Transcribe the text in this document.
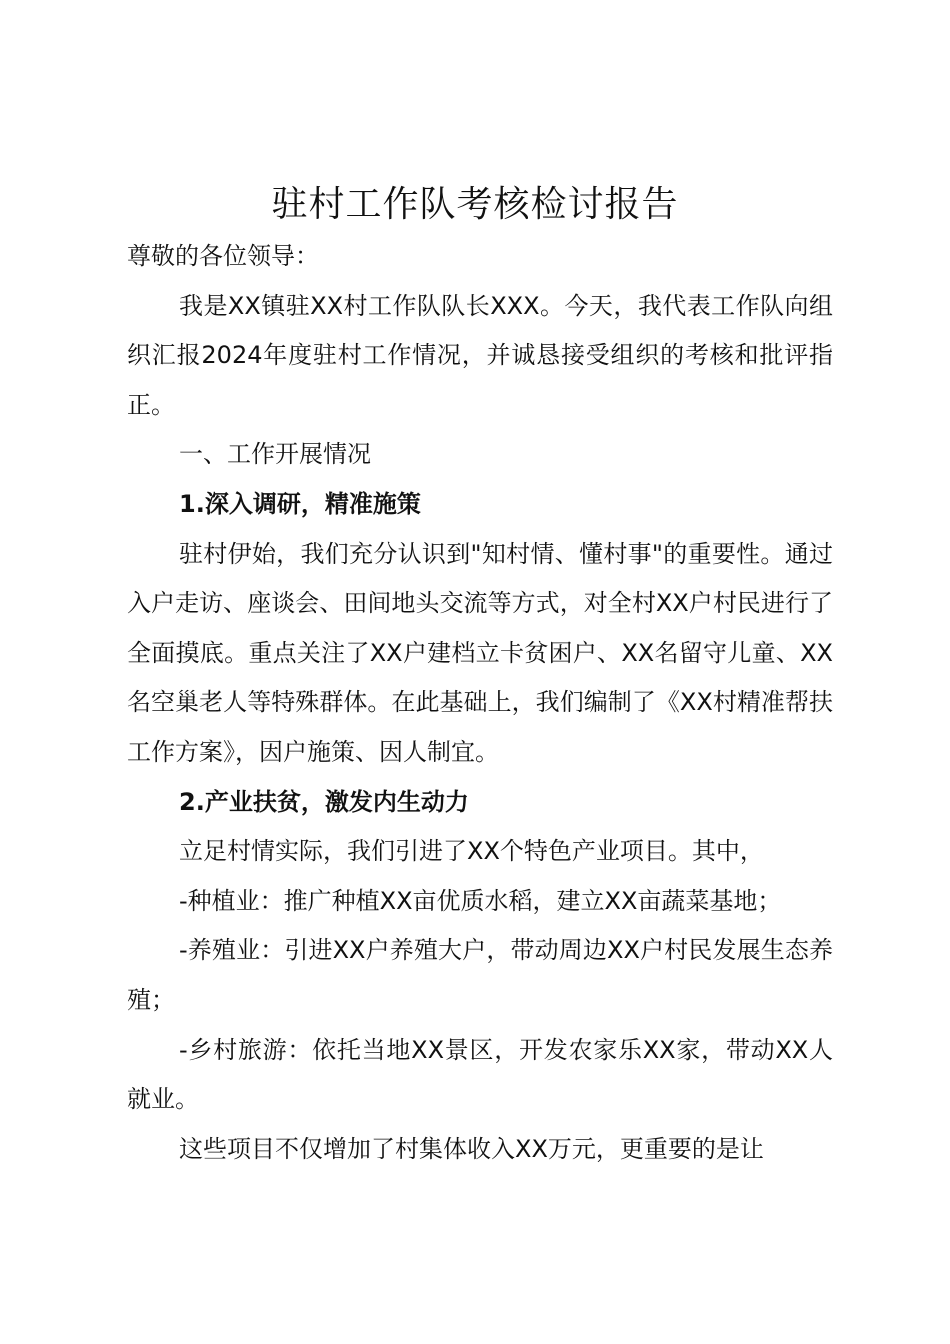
驻村工作队考核检讨报告

尊敬的各位领导：

我是XX镇驻XX村工作队队长XXX。今天，我代表工作队向组织汇报2024年度驻村工作情况，并诚恳接受组织的考核和批评指正。

一、工作开展情况

1.深入调研，精准施策

驻村伊始，我们充分认识到"知村情、懂村事"的重要性。通过入户走访、座谈会、田间地头交流等方式，对全村XX户村民进行了全面摸底。重点关注了XX户建档立卡贫困户、XX名留守儿童、XX名空巢老人等特殊群体。在此基础上，我们编制了《XX村精准帮扶工作方案》，因户施策、因人制宜。

2.产业扶贫，激发内生动力

立足村情实际，我们引进了XX个特色产业项目。其中，

-种植业：推广种植XX亩优质水稻，建立XX亩蔬菜基地；

-养殖业：引进XX户养殖大户，带动周边XX户村民发展生态养殖；

-乡村旅游：依托当地XX景区，开发农家乐XX家，带动XX人就业。

这些项目不仅增加了村集体收入XX万元，更重要的是让
